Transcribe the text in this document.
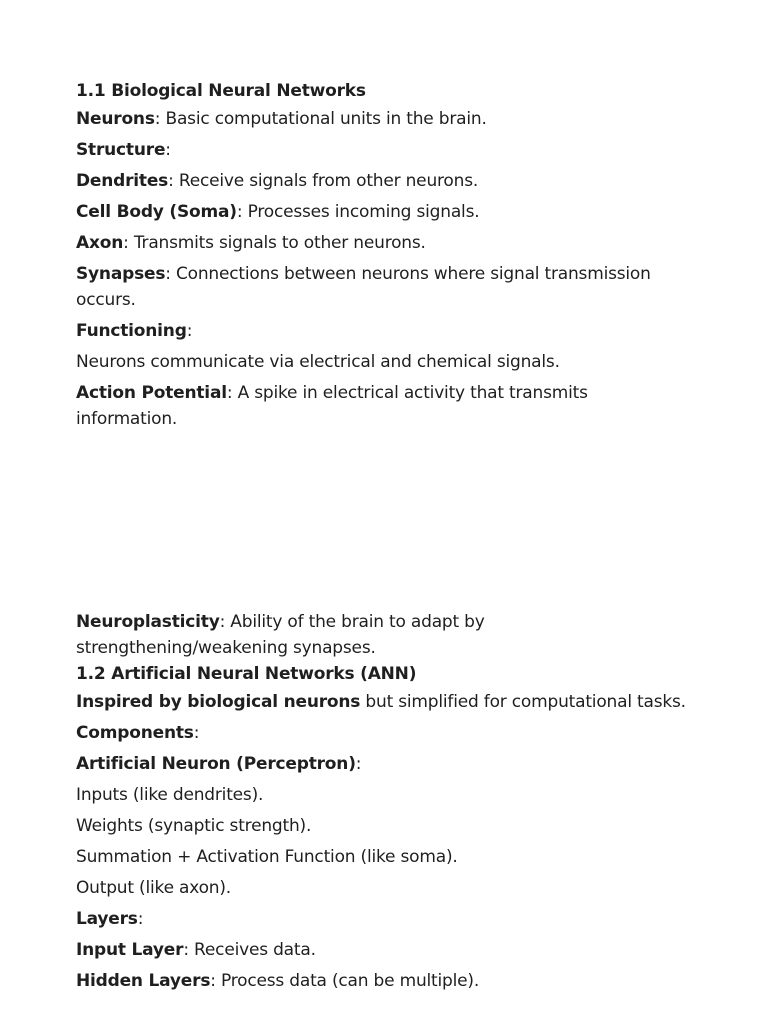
1.1 Biological Neural Networks
Neurons: Basic computational units in the brain.
Structure:
Dendrites: Receive signals from other neurons.
Cell Body (Soma): Processes incoming signals.
Axon: Transmits signals to other neurons.
Synapses: Connections between neurons where signal transmission occurs.
Functioning:
Neurons communicate via electrical and chemical signals.
Action Potential: A spike in electrical activity that transmits information.
Neuroplasticity: Ability of the brain to adapt by strengthening/weakening synapses.
1.2 Artificial Neural Networks (ANN)
Inspired by biological neurons but simplified for computational tasks.
Components:
Artificial Neuron (Perceptron):
Inputs (like dendrites).
Weights (synaptic strength).
Summation + Activation Function (like soma).
Output (like axon).
Layers:
Input Layer: Receives data.
Hidden Layers: Process data (can be multiple).
